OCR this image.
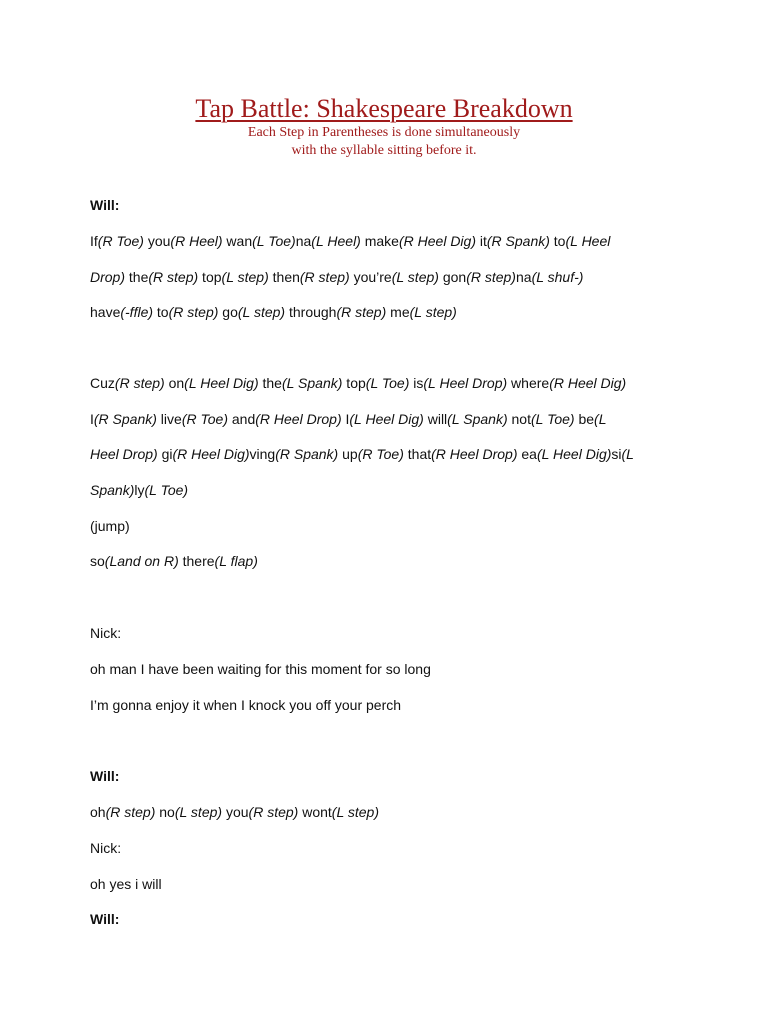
Tap Battle: Shakespeare Breakdown
Each Step in Parentheses is done simultaneously
with the syllable sitting before it.
Will:
If(R Toe) you(R Heel) wan(L Toe)na(L Heel) make(R Heel Dig) it(R Spank) to(L Heel
Drop) the(R step) top(L step) then(R step) you’re(L step) gon(R step)na(L shuf-)
have(-ffle) to(R step) go(L step) through(R step) me(L step)
Cuz(R step) on(L Heel Dig) the(L Spank) top(L Toe) is(L Heel Drop) where(R Heel Dig)
I(R Spank) live(R Toe) and(R Heel Drop) I(L Heel Dig) will(L Spank) not(L Toe) be(L
Heel Drop) gi(R Heel Dig)ving(R Spank) up(R Toe) that(R Heel Drop) ea(L Heel Dig)si(L
Spank)ly(L Toe)
(jump)
so(Land on R) there(L flap)
Nick:
oh man I have been waiting for this moment for so long
I’m gonna enjoy it when I knock you off your perch
Will:
oh(R step) no(L step) you(R step) wont(L step)
Nick:
oh yes i will
Will:
